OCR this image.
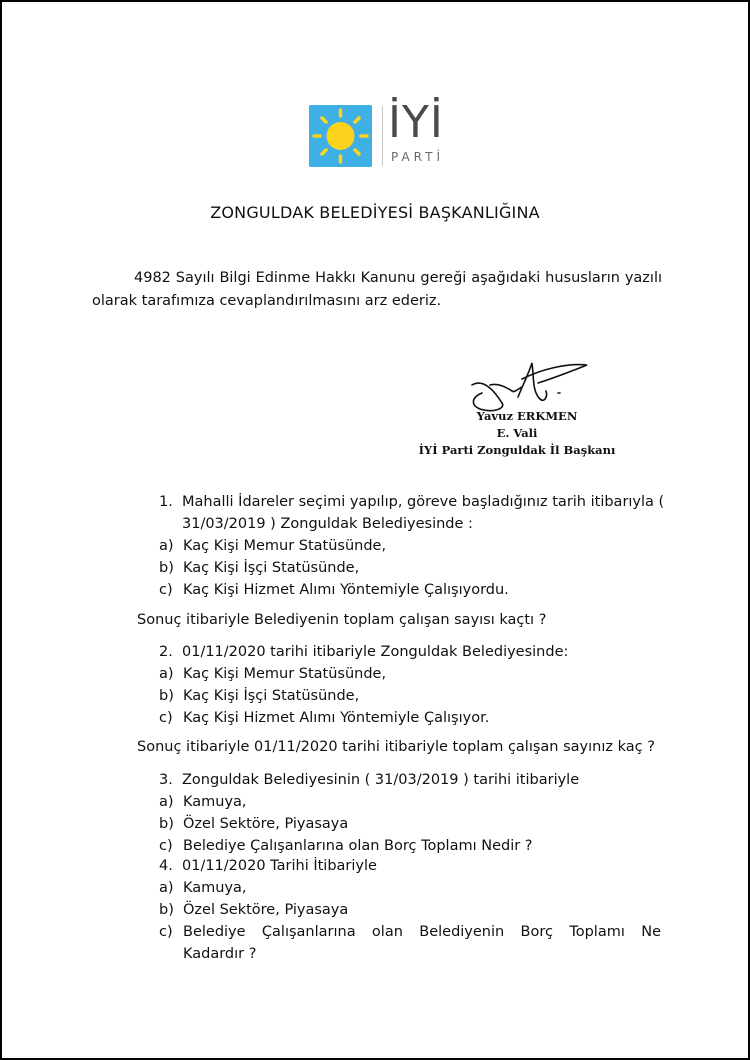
İYİ
PARTİ
ZONGULDAK BELEDİYESİ BAŞKANLIĞINA
4982 Sayılı Bilgi Edinme Hakkı Kanunu gereği aşağıdaki hususların yazılı olarak tarafımıza cevaplandırılmasını arz ederiz.
Yavuz ERKMEN
E. Vali
İYİ Parti Zonguldak İl Başkanı
1. Mahalli İdareler seçimi yapılıp, göreve başladığınız tarih itibarıyla (
31/03/2019 ) Zonguldak Belediyesinde :
a) Kaç Kişi Memur Statüsünde,
b) Kaç Kişi İşçi Statüsünde,
c) Kaç Kişi Hizmet Alımı Yöntemiyle Çalışıyordu.
Sonuç itibariyle Belediyenin toplam çalışan sayısı kaçtı ?
2. 01/11/2020 tarihi itibariyle Zonguldak Belediyesinde:
a) Kaç Kişi Memur Statüsünde,
b) Kaç Kişi İşçi Statüsünde,
c) Kaç Kişi Hizmet Alımı Yöntemiyle Çalışıyor.
Sonuç itibariyle 01/11/2020 tarihi itibariyle toplam çalışan sayınız kaç ?
3. Zonguldak Belediyesinin ( 31/03/2019 ) tarihi itibariyle
a) Kamuya,
b) Özel Sektöre, Piyasaya
c) Belediye Çalışanlarına olan Borç Toplamı Nedir ?
4. 01/11/2020 Tarihi İtibariyle
a) Kamuya,
b) Özel Sektöre, Piyasaya
c) Belediye Çalışanlarına olan Belediyenin Borç Toplamı Ne
Kadardır ?
